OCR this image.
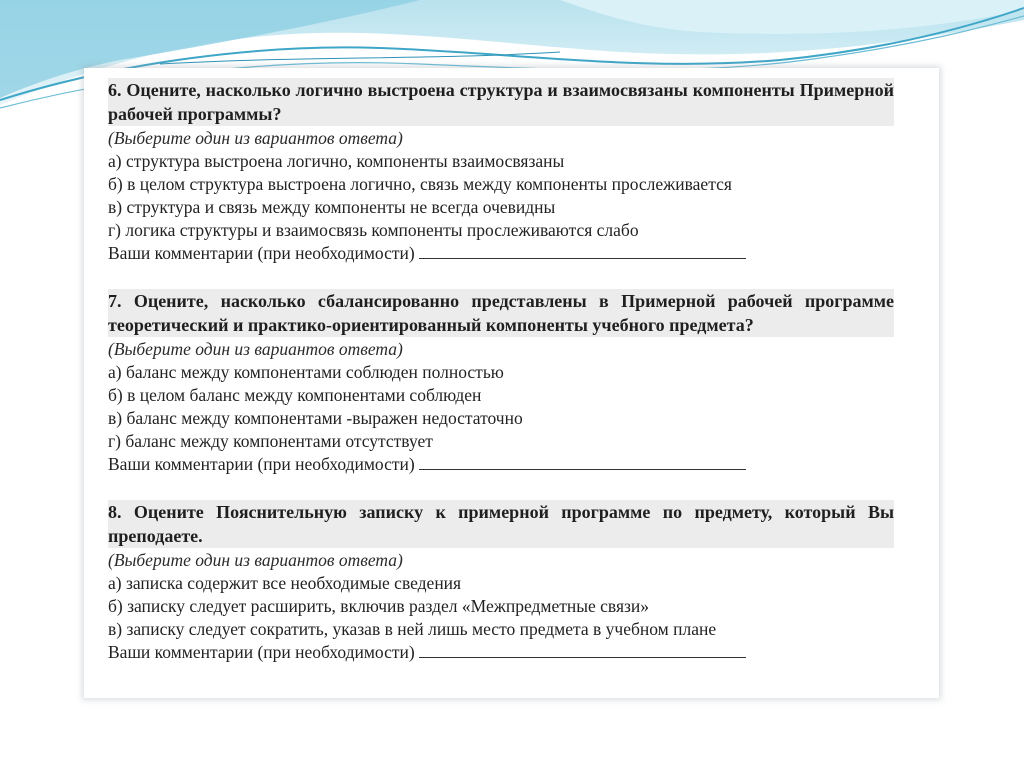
6. Оцените, насколько логично выстроена структура и взаимосвязаны компоненты Примерной рабочей программы?

(Выберите один из вариантов ответа)
а) структура выстроена логично, компоненты взаимосвязаны
б) в целом структура выстроена логично, связь между компоненты прослеживается
в) структура и связь между компоненты не всегда очевидны
г) логика структуры и взаимосвязь компоненты прослеживаются слабо
Ваши комментарии (при необходимости)

7. Оцените, насколько сбалансированно представлены в Примерной рабочей программе теоретический и практико-ориентированный компоненты учебного предмета?

(Выберите один из вариантов ответа)
а) баланс между компонентами соблюден полностью
б) в целом баланс между компонентами соблюден
в) баланс между компонентами -выражен недостаточно
г) баланс между компонентами отсутствует
Ваши комментарии (при необходимости)

8. Оцените Пояснительную записку к примерной программе по предмету, который Вы преподаете.

(Выберите один из вариантов ответа)
а) записка содержит все необходимые сведения
б) записку следует расширить, включив раздел «Межпредметные связи»
в) записку следует сократить, указав в ней лишь место предмета в учебном плане
Ваши комментарии (при необходимости)
